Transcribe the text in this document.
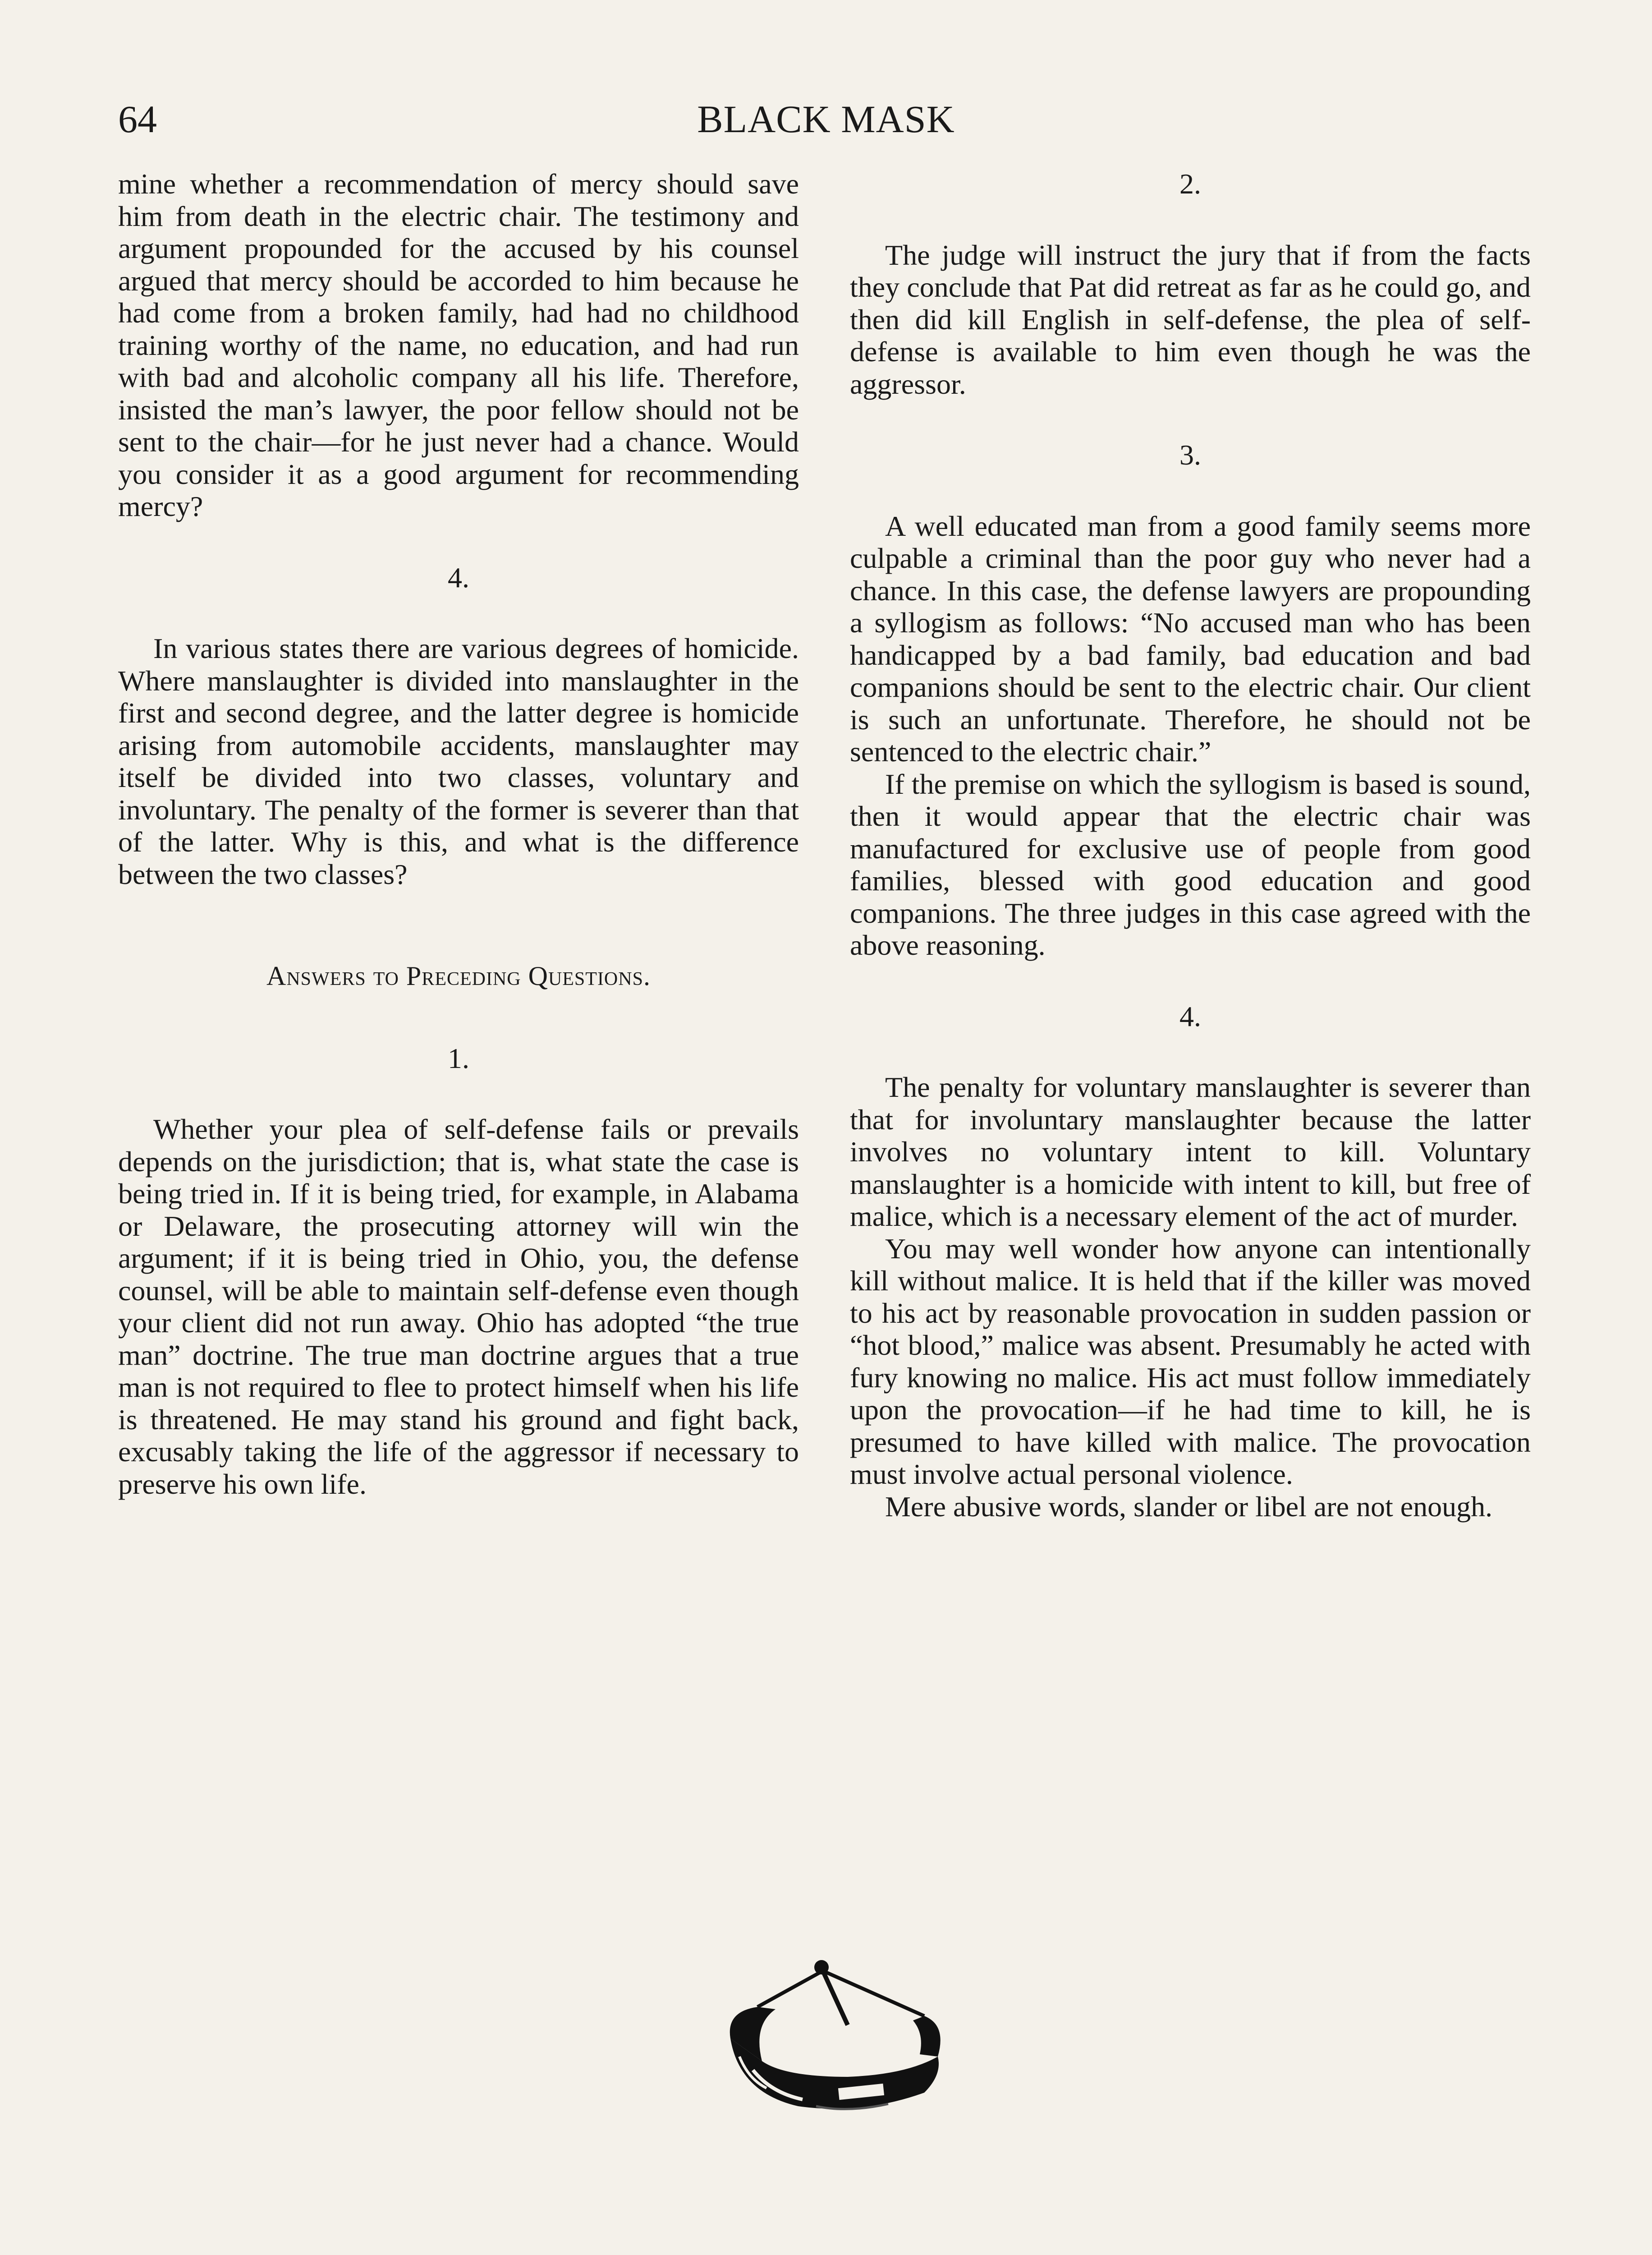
64	BLACK MASK

mine whether a recommendation of mercy should save him from death in the electric chair. The testimony and argument propounded for the accused by his counsel argued that mercy should be accorded to him because he had come from a broken family, had had no childhood training worthy of the name, no education, and had run with bad and alcoholic company all his life. Therefore, insisted the man’s lawyer, the poor fellow should not be sent to the chair—for he just never had a chance. Would you consider it as a good argument for recommending mercy?

4.

In various states there are various degrees of homicide. Where manslaughter is divided into manslaughter in the first and second degree, and the latter degree is homicide arising from automobile accidents, manslaughter may itself be divided into two classes, voluntary and involuntary. The penalty of the former is severer than that of the latter. Why is this, and what is the difference between the two classes?

Answers to Preceding Questions.

1.

Whether your plea of self-defense fails or prevails depends on the jurisdiction; that is, what state the case is being tried in. If it is being tried, for example, in Alabama or Delaware, the prosecuting attorney will win the argument; if it is being tried in Ohio, you, the defense counsel, will be able to maintain self-defense even though your client did not run away. Ohio has adopted “the true man” doctrine. The true man doctrine argues that a true man is not required to flee to protect himself when his life is threatened. He may stand his ground and fight back, excusably taking the life of the aggressor if necessary to preserve his own life.

2.

The judge will instruct the jury that if from the facts they conclude that Pat did retreat as far as he could go, and then did kill English in self-defense, the plea of self-defense is available to him even though he was the aggressor.

3.

A well educated man from a good family seems more culpable a criminal than the poor guy who never had a chance. In this case, the defense lawyers are propounding a syllogism as follows: “No accused man who has been handicapped by a bad family, bad education and bad companions should be sent to the electric chair. Our client is such an unfortunate. Therefore, he should not be sentenced to the electric chair.”

If the premise on which the syllogism is based is sound, then it would appear that the electric chair was manufactured for exclusive use of people from good families, blessed with good education and good companions. The three judges in this case agreed with the above reasoning.

4.

The penalty for voluntary manslaughter is severer than that for involuntary manslaughter because the latter involves no voluntary intent to kill. Voluntary manslaughter is a homicide with intent to kill, but free of malice, which is a necessary element of the act of murder.

You may well wonder how anyone can intentionally kill without malice. It is held that if the killer was moved to his act by reasonable provocation in sudden passion or “hot blood,” malice was absent. Presumably he acted with fury knowing no malice. His act must follow immediately upon the provocation—if he had time to kill, he is presumed to have killed with malice. The provocation must involve actual personal violence.

Mere abusive words, slander or libel are not enough.
